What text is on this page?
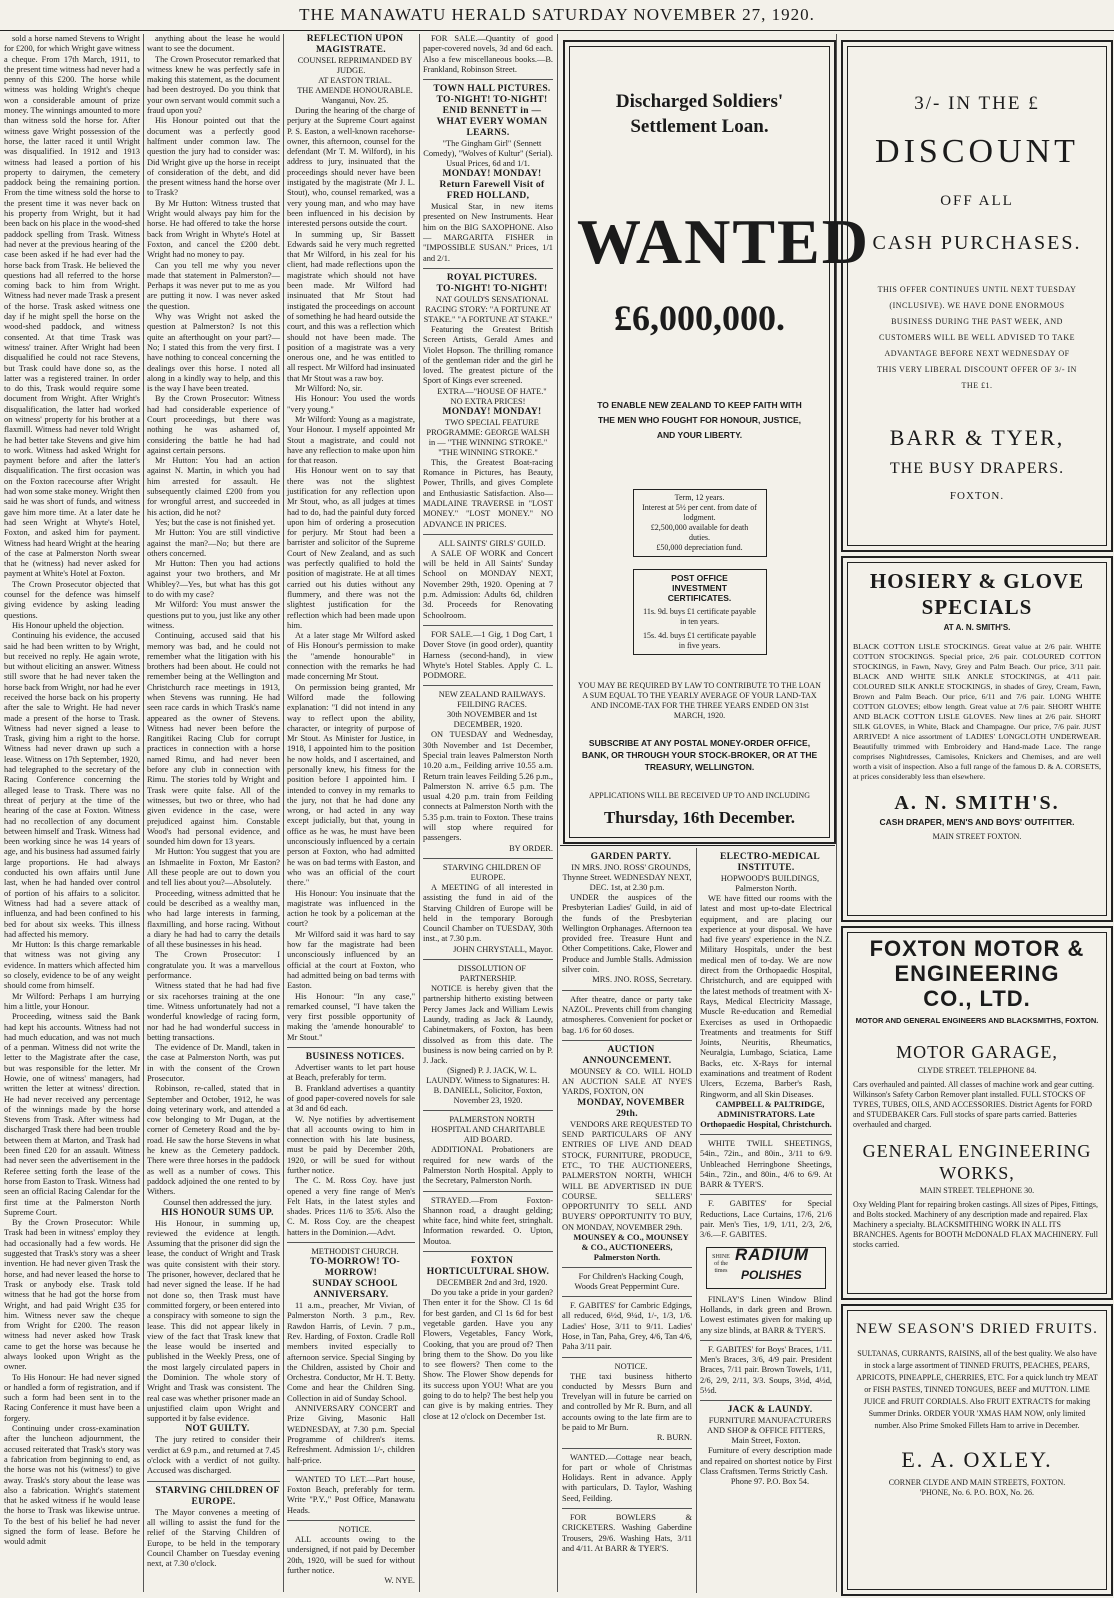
THE MANAWATU HERALD SATURDAY NOVEMBER 27, 1920.

sold a horse named Stevens to Wright for £200, for which Wright gave witness a cheque. From 17th March, 1911, to the present time witness had never had a penny of this £200. The horse while witness was holding Wright's cheque won a considerable amount of prize money. The winnings amounted to more than witness sold the horse for. After witness gave Wright possession of the horse, the latter raced it until Wright was disqualified. In 1912 and 1913 witness had leased a portion of his property to dairymen, the cemetery paddock being the remaining portion. From the time witness sold the horse to the present time it was never back on his property from Wright, but it had been back on his place in the wood-shed paddock spelling from Trask. Witness had never at the previous hearing of the case been asked if he had ever had the horse back from Trask. He believed the questions had all referred to the horse coming back to him from Wright. Witness had never made Trask a present of the horse. Trask asked witness one day if he might spell the horse on the wood-shed paddock, and witness consented. At that time Trask was witness' trainer. After Wright had been disqualified he could not race Stevens, but Trask could have done so, as the latter was a registered trainer. In order to do this, Trask would require some document from Wright. After Wright's disqualification, the latter had worked on witness' property for his brother at a flaxmill. Witness had never told Wright he had better take Stevens and give him to work. Witness had asked Wright for payment before and after the latter's disqualification. The first occasion was on the Foxton racecourse after Wright had won some stake money. Wright then said he was short of funds, and witness gave him more time. At a later date he had seen Wright at Whyte's Hotel, Foxton, and asked him for payment. Witness had heard Wright at the hearing of the case at Palmerston North swear that he (witness) had never asked for payment at White's Hotel at Foxton.

The Crown Prosecutor objected that counsel for the defence was himself giving evidence by asking leading questions.

His Honour upheld the objection.

Continuing his evidence, the accused said he had been written to by Wright, but received no reply. He again wrote, but without eliciting an answer. Witness still swore that he had never taken the horse back from Wright, nor had he ever received the horse back on his property after the sale to Wright. He had never made a present of the horse to Trask. Witness had never signed a lease to Trask, giving him a right to the horse. Witness had never drawn up such a lease. Witness on 17th September, 1920, had telegraphed to the secretary of the Racing Conference concerning the alleged lease to Trask. There was no threat of perjury at the time of the hearing of the case at Foxton. Witness had no recollection of any document between himself and Trask. Witness had been working since he was 14 years of age, and his business had assumed fairly large proportions. He had always conducted his own affairs until June last, when he had handed over control of portion of his affairs to a solicitor. Witness had had a severe attack of influenza, and had been confined to his bed for about six weeks. This illness had affected his memory.

Mr Hutton: Is this charge remarkable that witness was not giving any evidence. In matters which affected him so closely, evidence to be of any weight should come from himself.

Mr Wilford: Perhaps I am hurrying him a little, your Honour.

Proceeding, witness said the Bank had kept his accounts. Witness had not had much education, and was not much of a penman. Witness did not write the letter to the Magistrate after the case, but was responsible for the letter. Mr Howie, one of witness' managers, had written the letter at witness' direction. He had never received any percentage of the winnings made by the horse Stevens from Trask. After witness had discharged Trask there had been trouble between them at Marton, and Trask had been fined £20 for an assault. Witness had never seen the advertisement in the Referee setting forth the lease of the horse from Easton to Trask. Witness had seen an official Racing Calendar for the first time at the Palmerston North Supreme Court.

By the Crown Prosecutor: While Trask had been in witness' employ they had occasionally had a few words. He suggested that Trask's story was a sheer invention. He had never given Trask the horse, and had never leased the horse to Trask or anybody else. Trask told witness that he had got the horse from Wright, and had paid Wright £35 for him. Witness never saw the cheque from Wright for £200. The reason witness had never asked how Trask came to get the horse was because he always looked upon Wright as the owner.

To His Honour: He had never signed or handled a form of registration, and if such a form had been sent in to the Racing Conference it must have been a forgery.

Continuing under cross-examination after the luncheon adjournment, the accused reiterated that Trask's story was a fabrication from beginning to end, as the horse was not his (witness') to give away. Trask's story about the lease was also a fabrication. Wright's statement that he asked witness if he would lease the horse to Trask was likewise untrue. To the best of his belief he had never signed the form of lease. Before he would admit

anything about the lease he would want to see the document.

The Crown Prosecutor remarked that witness knew he was perfectly safe in making this statement, as the document had been destroyed. Do you think that your own servant would commit such a fraud upon you?

His Honour pointed out that the document was a perfectly good halfment under common law. The question the jury had to consider was: Did Wright give up the horse in receipt of consideration of the debt, and did the present witness hand the horse over to Trask?

By Mr Hutton: Witness trusted that Wright would always pay him for the horse. He had offered to take the horse back from Wright in Whyte's Hotel at Foxton, and cancel the £200 debt. Wright had no money to pay.

Can you tell me why you never made that statement in Palmerston?—Perhaps it was never put to me as you are putting it now. I was never asked the question.

Why was Wright not asked the question at Palmerston? Is not this quite an afterthought on your part?—No; I stated this from the very first. I have nothing to conceal concerning the dealings over this horse. I noted all along in a kindly way to help, and this is the way I have been treated.

By the Crown Prosecutor: Witness had had considerable experience of Court proceedings, but there was nothing he was ashamed of, considering the battle he had had against certain persons.

Mr Hutton: You had an action against N. Martin, in which you had him arrested for assault. He subsequently claimed £200 from you for wrongful arrest, and succeeded in his action, did he not?

Yes; but the case is not finished yet.

Mr Hutton: You are still vindictive against the man?—No; but there are others concerned.

Mr Hutton: Then you had actions against your two brothers, and Mr Whibley?—Yes, but what has this got to do with my case?

Mr Wilford: You must answer the questions put to you, just like any other witness.

Continuing, accused said that his memory was bad, and he could not remember what the litigation with his brothers had been about. He could not remember being at the Wellington and Christchurch race meetings in 1913, when Stevens was running. He had seen race cards in which Trask's name appeared as the owner of Stevens. Witness had never been before the Rangitikei Racing Club for corrupt practices in connection with a horse named Rimu, and had never been before any club in connection with Rimu. The stories told by Wright and Trask were quite false. All of the witnesses, but two or three, who had given evidence in the case, were prejudiced against him. Constable Wood's had personal evidence, and sounded him down for 13 years.

Mr Hutton: You suggest that you are an Ishmaelite in Foxton, Mr Easton? All these people are out to down you and tell lies about you?—Absolutely.

Proceeding, witness admitted that he could be described as a wealthy man, who had large interests in farming, flaxmilling, and horse racing. Without a diary he had had to carry the details of all these businesses in his head.

The Crown Prosecutor: I congratulate you. It was a marvellous performance.

Witness stated that he had had five or six racehorses training at the one time. Witness unfortunately had not a wonderful knowledge of racing form, nor had he had wonderful success in betting transactions.

The evidence of Dr. Mandl, taken in the case at Palmerston North, was put in with the consent of the Crown Prosecutor.

Robinson, re-called, stated that in September and October, 1912, he was doing veterinary work, and attended a cow belonging to Mr Dugan, at the corner of Cemetery Road and the by-road. He saw the horse Stevens in what he knew as the Cemetery paddock. There were three horses in the paddock as well as a number of cows. This paddock adjoined the one rented to by Withers.

Counsel then addressed the jury.

HIS HONOUR SUMS UP.

His Honour, in summing up, reviewed the evidence at length. Assuming that the prisoner did sign the lease, the conduct of Wright and Trask was quite consistent with their story. The prisoner, however, declared that he had never signed the lease. If he had not done so, then Trask must have committed forgery, or been entered into a conspiracy with someone to sign the lease. This did not appear likely in view of the fact that Trask knew that the lease would be inserted and published in the Weekly Press, one of the most largely circulated papers in the Dominion. The whole story of Wright and Trask was consistent. The real case was whether prisoner made an unjustified claim upon Wright and supported it by false evidence.

NOT GUILTY.

The jury retired to consider their verdict at 6.9 p.m., and returned at 7.45 o'clock with a verdict of not guilty. Accused was discharged.

STARVING CHILDREN OF EUROPE.

The Mayor convenes a meeting of all willing to assist the fund for the relief of the Starving Children of Europe, to be held in the temporary Council Chamber on Tuesday evening next, at 7.30 o'clock.

REFLECTION UPON MAGISTRATE.

COUNSEL REPRIMANDED BY JUDGE.

AT EASTON TRIAL.

THE AMENDE HONOURABLE.

Wanganui, Nov. 25.

During the hearing of the charge of perjury at the Supreme Court against P. S. Easton, a well-known racehorse-owner, this afternoon, counsel for the defendant (Mr T. M. Wilford), in his address to jury, insinuated that the proceedings should never have been instigated by the magistrate (Mr J. L. Stout), who, counsel remarked, was a very young man, and who may have been influenced in his decision by interested persons outside the court.

In summing up, Sir Bassett Edwards said he very much regretted that Mr Wilford, in his zeal for his client, had made reflections upon the magistrate which should not have been made. Mr Wilford had insinuated that Mr Stout had instigated the proceedings on account of something he had heard outside the court, and this was a reflection which should not have been made. The position of a magistrate was a very onerous one, and he was entitled to all respect. Mr Wilford had insinuated that Mr Stout was a raw boy.

Mr Wilford: No, sir.

His Honour: You used the words "very young."

Mr Wilford: Young as a magistrate, Your Honour. I myself appointed Mr Stout a magistrate, and could not have any reflection to make upon him for that reason.

His Honour went on to say that there was not the slightest justification for any reflection upon Mr Stout, who, as all judges at times had to do, had the painful duty forced upon him of ordering a prosecution for perjury. Mr Stout had been a barrister and solicitor of the Supreme Court of New Zealand, and as such was perfectly qualified to hold the position of magistrate. He at all times carried out his duties without any flummery, and there was not the slightest justification for the reflection which had been made upon him.

At a later stage Mr Wilford asked of His Honour's permission to make the "amende honourable" in connection with the remarks he had made concerning Mr Stout.

On permission being granted, Mr Wilford made the following explanation: "I did not intend in any way to reflect upon the ability, character, or integrity of purpose of Mr Stout. As Minister for Justice, in 1918, I appointed him to the position he now holds, and I ascertained, and personally knew, his fitness for the position before I appointed him. I intended to convey in my remarks to the jury, not that he had done any wrong, or had acted in any way except judicially, but that, young in office as he was, he must have been unconsciously influenced by a certain person at Foxton, who had admitted he was on bad terms with Easton, and who was an official of the court there."

His Honour: You insinuate that the magistrate was influenced in the action he took by a policeman at the court?

Mr Wilford said it was hard to say how far the magistrate had been unconsciously influenced by an official at the court at Foxton, who had admitted being on bad terms with Easton.

His Honour: "In any case," remarked counsel, "I have taken the very first possible opportunity of making the 'amende honourable' to Mr Stout."

BUSINESS NOTICES.

Advertiser wants to let part house at Beach, preferably for term.

B. Frankland advertises a quantity of good paper-covered novels for sale at 3d and 6d each.

W. Nye notifies by advertisement that all accounts owing to him in connection with his late business, must be paid by December 20th, 1920, or will be sued for without further notice.

The C. M. Ross Coy. have just opened a very fine range of Men's Felt Hats, in the latest styles and shades. Prices 11/6 to 35/6. Also the C. M. Ross Coy. are the cheapest hatters in the Dominion.—Advt.

METHODIST CHURCH.

TO-MORROW! TO-MORROW!

SUNDAY SCHOOL ANNIVERSARY.

11 a.m., preacher, Mr Vivian, of Palmerston North. 3 p.m., Rev. Rawdon Harris, of Levin. 7 p.m., Rev. Harding, of Foxton. Cradle Roll members invited especially to afternoon service. Special Singing by the Children, assisted by Choir and Orchestra. Conductor, Mr H. T. Betty. Come and hear the Children Sing. Collection in aid of Sunday School.

ANNIVERSARY CONCERT and Prize Giving, Masonic Hall WEDNESDAY, at 7.30 p.m. Special Programme of children's items. Refreshment. Admission 1/-, children half-price.

WANTED TO LET.—Part house, Foxton Beach, preferably for term. Write "P.Y.," Post Office, Manawatu Heads.

NOTICE.

ALL accounts owing to the undersigned, if not paid by December 20th, 1920, will be sued for without further notice.

W. NYE.

FOR SALE.—Quantity of good paper-covered novels, 3d and 6d each. Also a few miscellaneous books.—B. Frankland, Robinson Street.

TOWN HALL PICTURES.

TO-NIGHT! TO-NIGHT!

ENID BENNETT in —

WHAT EVERY WOMAN LEARNS.

"The Gingham Girl" (Sennett Comedy), "Wolves of Kultur" (Serial). Usual Prices, 6d and 1/1.

MONDAY! MONDAY!

Return Farewell Visit of FRED HOLLAND,

Musical Star, in new items presented on New Instruments. Hear him on the BIG SAXOPHONE. Also — MARGARITA FISHER in "IMPOSSIBLE SUSAN." Prices, 1/1 and 2/1.

ROYAL PICTURES.

TO-NIGHT! TO-NIGHT!

NAT GOULD'S SENSATIONAL RACING STORY: "A FORTUNE AT STAKE." "A FORTUNE AT STAKE."

Featuring the Greatest British Screen Artists, Gerald Ames and Violet Hopson. The thrilling romance of the gentleman rider and the girl he loved. The greatest picture of the Sport of Kings ever screened.

EXTRA—"HOUSE OF HATE." NO EXTRA PRICES!

MONDAY! MONDAY!

TWO SPECIAL FEATURE PROGRAMME: GEORGE WALSH in — "THE WINNING STROKE." "THE WINNING STROKE."

This, the Greatest Boat-racing Romance in Pictures, has Beauty, Power, Thrills, and gives Complete and Enthusiastic Satisfaction. Also—MADLAINE TRAVERSE in "LOST MONEY." "LOST MONEY." NO ADVANCE IN PRICES.

ALL SAINTS' GIRLS' GUILD.

A SALE OF WORK and Concert will be held in All Saints' Sunday School on MONDAY NEXT, November 29th, 1920. Opening at 7 p.m. Admission: Adults 6d, children 3d. Proceeds for Renovating Schoolroom.

FOR SALE.—1 Gig, 1 Dog Cart, 1 Dover Stove (in good order), quantity Harness (second-hand), in view Whyte's Hotel Stables. Apply C. L. PODMORE.

NEW ZEALAND RAILWAYS.

FEILDING RACES.

30th NOVEMBER and 1st DECEMBER, 1920.

ON TUESDAY and Wednesday, 30th November and 1st December, Special train leaves Palmerston North 10.20 a.m., Feilding arrive 10.55 a.m. Return train leaves Feilding 5.26 p.m., Palmerston N. arrive 6.5 p.m. The usual 4.20 p.m. train from Feilding connects at Palmerston North with the 5.35 p.m. train to Foxton. These trains will stop where required for passengers.

BY ORDER.

STARVING CHILDREN OF EUROPE.

A MEETING of all interested in assisting the fund in aid of the Starving Children of Europe will be held in the temporary Borough Council Chamber on TUESDAY, 30th inst., at 7.30 p.m.

JOHN CHRYSTALL, Mayor.

DISSOLUTION OF PARTNERSHIP.

NOTICE is hereby given that the partnership hitherto existing between Percy James Jack and William Lewis Laundy, trading as Jack & Laundy, Cabinetmakers, of Foxton, has been dissolved as from this date. The business is now being carried on by P. J. Jack.

(Signed) P. J. JACK, W. L. LAUNDY. Witness to Signatures: H. B. DANIELL, Solicitor, Foxton, November 23, 1920.

PALMERSTON NORTH HOSPITAL AND CHARITABLE AID BOARD.

ADDITIONAL Probationers are required for new wards of the Palmerston North Hospital. Apply to the Secretary, Palmerston North.

STRAYED.—From Foxton-Shannon road, a draught gelding; white face, hind white feet, stringhalt. Information rewarded. O. Upton, Moutoa.

FOXTON HORTICULTURAL SHOW.

DECEMBER 2nd and 3rd, 1920.

Do you take a pride in your garden? Then enter it for the Show. Cl 1s 6d for best garden, and Cl 1s 6d for best vegetable garden. Have you any Flowers, Vegetables, Fancy Work, Cooking, that you are proud of? Then bring them to the Show. Do you like to see flowers? Then come to the Show. The Flower Show depends for its success upon YOU! What are you going to do to help? The best help you can give is by making entries. They close at 12 o'clock on December 1st.

Discharged Soldiers'
Settlement Loan.
WANTED
£6,000,000.
TO ENABLE NEW ZEALAND TO KEEP FAITH WITH
THE MEN WHO FOUGHT FOR HONOUR, JUSTICE,
AND YOUR LIBERTY.
Term, 12 years.
Interest at 5½ per cent. from date of lodgment.
£2,500,000 available for death duties.
£50,000 depreciation fund.
POST OFFICE
INVESTMENT CERTIFICATES.
11s. 9d. buys £1 certificate payable in ten years.
15s. 4d. buys £1 certificate payable in five years.
YOU MAY BE REQUIRED BY LAW TO CONTRIBUTE TO THE LOAN A SUM EQUAL TO THE YEARLY AVERAGE OF YOUR LAND-TAX AND INCOME-TAX FOR THE THREE YEARS ENDED ON 31st MARCH, 1920.
SUBSCRIBE AT ANY POSTAL MONEY-ORDER OFFICE, BANK, OR THROUGH YOUR STOCK-BROKER, OR AT THE TREASURY, WELLINGTON.
APPLICATIONS WILL BE RECEIVED UP TO AND INCLUDING
Thursday, 16th December.

GARDEN PARTY.

IN MRS. JNO. ROSS' GROUNDS, Thynne Street. WEDNESDAY NEXT, DEC. 1st, at 2.30 p.m.

UNDER the auspices of the Presbyterian Ladies' Guild, in aid of the funds of the Presbyterian Wellington Orphanages. Afternoon tea provided free. Treasure Hunt and Other Competitions. Cake, Flower and Produce and Jumble Stalls. Admission silver coin.

MRS. JNO. ROSS, Secretary.

After theatre, dance or party take NAZOL. Prevents chill from changing atmospheres. Convenient for pocket or bag. 1/6 for 60 doses.

AUCTION ANNOUNCEMENT.

MOUNSEY & CO. WILL HOLD AN AUCTION SALE AT NYE'S YARDS, FOXTON, ON

MONDAY, NOVEMBER 29th.

VENDORS ARE REQUESTED TO SEND PARTICULARS OF ANY ENTRIES OF LIVE AND DEAD STOCK, FURNITURE, PRODUCE, ETC., TO THE AUCTIONEERS, PALMERSTON NORTH, WHICH WILL BE ADVERTISED IN DUE COURSE. SELLERS' OPPORTUNITY TO SELL AND BUYERS' OPPORTUNITY TO BUY, ON MONDAY, NOVEMBER 29th.

MOUNSEY & CO., MOUNSEY & CO., AUCTIONEERS, Palmerston North.

For Children's Hacking Cough, Woods Great Peppermint Cure.

F. GABITES' for Cambric Edgings, all reduced, 6½d, 9¼d, 1/-, 1/3, 1/6. Ladies' Hose, 3/11 to 9/11. Ladies' Hose, in Tan, Paha, Grey, 4/6, Tan 4/6, Paha 3/11 pair.

NOTICE.

THE taxi business hitherto conducted by Messrs Burn and Trevelyan will in future be carried on and controlled by Mr R. Burn, and all accounts owing to the late firm are to be paid to Mr Burn.

R. BURN.

WANTED.—Cottage near beach, for part or whole of Christmas Holidays. Rent in advance. Apply with particulars, D. Taylor, Washing Seed, Feilding.

FOR BOWLERS & CRICKETERS. Washing Gaberdine Trousers, 29/6. Washing Hats, 3/11 and 4/11. At BARR & TYER'S.

ELECTRO-MEDICAL INSTITUTE.

HOPWOOD'S BUILDINGS, Palmerston North.

WE have fitted our rooms with the latest and most up-to-date Electrical equipment, and are placing our experience at your disposal. We have had five years' experience in the N.Z. Military Hospitals, under the best medical men of to-day. We are now direct from the Orthopaedic Hospital, Christchurch, and are equipped with the latest methods of treatment with X-Rays, Medical Electricity Massage, Muscle Re-education and Remedial Exercises as used in Orthopaedic Treatments and treatments for Stiff Joints, Neuritis, Rheumatics, Neuralgia, Lumbago, Sciatica, Lame Backs, etc. X-Rays for internal examinations and treatment of Rodent Ulcers, Eczema, Barber's Rash, Ringworm, and all Skin Diseases.

CAMPBELL & PALTRIDGE, ADMINISTRATORS. Late Orthopaedic Hospital, Christchurch.

WHITE TWILL SHEETINGS, 54in., 72in., and 80in., 3/11 to 6/9. Unbleached Herringbone Sheetings, 54in., 72in., and 80in., 4/6 to 6/9. At BARR & TYER'S.

F. GABITES' for Special Reductions, Lace Curtains, 17/6, 21/6 pair. Men's Ties, 1/9, 1/11, 2/3, 2/6, 3/6.—F. GABITES.

SHINE of the times
RADIUM
POLISHES

FINLAY'S Linen Window Blind Hollands, in dark green and Brown. Lowest estimates given for making up any size blinds, at BARR & TYER'S.

F. GABITES' for Boys' Braces, 1/11. Men's Braces, 3/6, 4/9 pair. President Braces, 7/11 pair. Brown Towels, 1/11, 2/6, 2/9, 2/11, 3/3. Soups, 3½d, 4½d, 5½d.

JACK & LAUNDY.

FURNITURE MANUFACTURERS AND SHOP & OFFICE FITTERS, Main Street, Foxton.

Furniture of every description made and repaired on shortest notice by First Class Craftsmen. Terms Strictly Cash.

Phone 97. P.O. Box 54.

3/- IN THE £
DISCOUNT
OFF ALL
CASH PURCHASES.
THIS OFFER CONTINUES UNTIL NEXT TUESDAY (INCLUSIVE). WE HAVE DONE ENORMOUS BUSINESS DURING THE PAST WEEK, AND CUSTOMERS WILL BE WELL ADVISED TO TAKE ADVANTAGE BEFORE NEXT WEDNESDAY OF THIS VERY LIBERAL DISCOUNT OFFER OF 3/- IN THE £1.
BARR & TYER,
THE BUSY DRAPERS.
FOXTON.
HOSIERY & GLOVE
SPECIALS
AT A. N. SMITH'S.
BLACK COTTON LISLE STOCKINGS. Great value at 2/6 pair. WHITE COTTON STOCKINGS. Special price, 2/6 pair. COLOURED COTTON STOCKINGS, in Fawn, Navy, Grey and Palm Beach. Our price, 3/11 pair. BLACK AND WHITE SILK ANKLE STOCKINGS, at 4/11 pair. COLOURED SILK ANKLE STOCKINGS, in shades of Grey, Cream, Fawn, Brown and Palm Beach. Our price, 6/11 and 7/6 pair. LONG WHITE COTTON GLOVES; elbow length. Great value at 7/6 pair. SHORT WHITE AND BLACK COTTON LISLE GLOVES. New lines at 2/6 pair. SHORT SILK GLOVES, in White, Black and Champagne. Our price, 7/6 pair. JUST ARRIVED! A nice assortment of LADIES' LONGCLOTH UNDERWEAR. Beautifully trimmed with Embroidery and Hand-made Lace. The range comprises Nightdresses, Camisoles, Knickers and Chemises, and are well worth a visit of inspection. Also a full range of the famous D. & A. CORSETS, at prices considerably less than elsewhere.
A. N. SMITH'S.
CASH DRAPER, MEN'S AND BOYS' OUTFITTER.
MAIN STREET FOXTON.
FOXTON MOTOR &
ENGINEERING
CO., LTD.
MOTOR AND GENERAL ENGINEERS AND BLACKSMITHS, FOXTON.
MOTOR GARAGE,
CLYDE STREET. TELEPHONE 84.
Cars overhauled and painted. All classes of machine work and gear cutting. Wilkinson's Safety Carbon Remover plant installed. FULL STOCKS OF TYRES, TUBES, OILS, AND ACCESSORIES. District Agents for FORD and STUDEBAKER Cars. Full stocks of spare parts carried. Batteries overhauled and charged.
GENERAL ENGINEERING
WORKS,
MAIN STREET. TELEPHONE 30.
Oxy Welding Plant for repairing broken castings. All sizes of Pipes, Fittings, and Bolts stocked. Machinery of any description made and repaired. Flax Machinery a specialty. BLACKSMITHING WORK IN ALL ITS BRANCHES. Agents for BOOTH McDONALD FLAX MACHINERY. Full stocks carried.
NEW SEASON'S DRIED FRUITS.
SULTANAS, CURRANTS, RAISINS, all of the best quality. We also have in stock a large assortment of TINNED FRUITS, PEACHES, PEARS, APRICOTS, PINEAPPLE, CHERRIES, ETC. For a quick lunch try MEAT or FISH PASTES, TINNED TONGUES, BEEF and MUTTON. LIME JUICE and FRUIT CORDIALS. Also FRUIT EXTRACTS for making Summer Drinks. ORDER YOUR 'XMAS HAM NOW, only limited number. Also Prime Smoked Fillets Ham to arrive in December.
E. A. OXLEY.
CORNER CLYDE AND MAIN STREETS, FOXTON.
'PHONE, No. 6. P.O. BOX, No. 26.
